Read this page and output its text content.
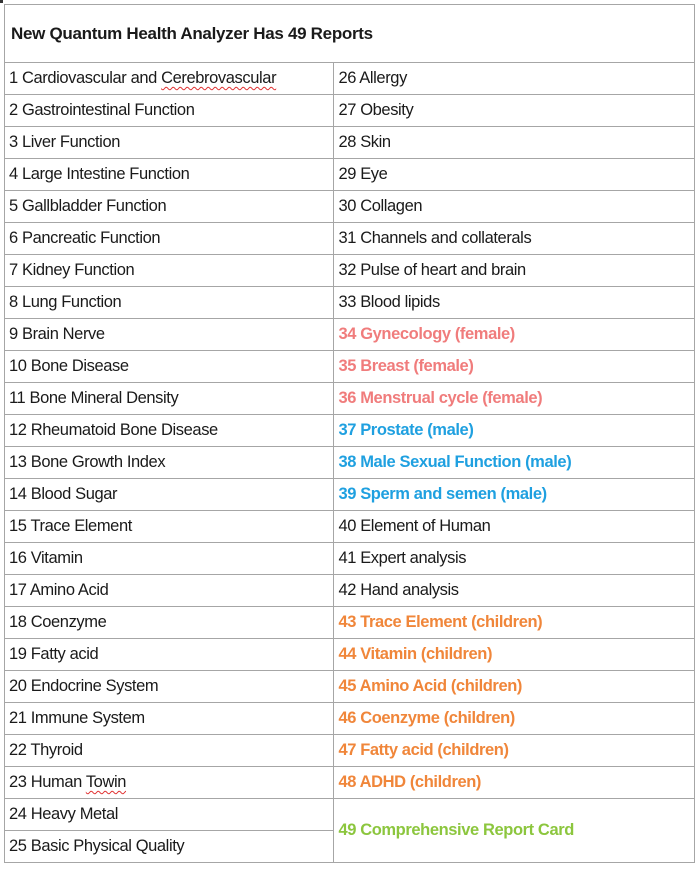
New Quantum Health Analyzer Has 49 Reports	
1 Cardiovascular and Cerebrovascular	26 Allergy
2 Gastrointestinal Function	27 Obesity
3 Liver Function	28 Skin
4 Large Intestine Function	29 Eye
5 Gallbladder Function	30 Collagen
6 Pancreatic Function	31 Channels and collaterals
7 Kidney Function	32 Pulse of heart and brain
8 Lung Function	33 Blood lipids
9 Brain Nerve	34 Gynecology (female)
10 Bone Disease	35 Breast (female)
11 Bone Mineral Density	36 Menstrual cycle (female)
12 Rheumatoid Bone Disease	37 Prostate (male)
13 Bone Growth Index	38 Male Sexual Function (male)
14 Blood Sugar	39 Sperm and semen (male)
15 Trace Element	40 Element of Human
16 Vitamin	41 Expert analysis
17 Amino Acid	42 Hand analysis
18 Coenzyme	43 Trace Element (children)
19 Fatty acid	44 Vitamin (children)
20 Endocrine System	45 Amino Acid (children)
21 Immune System	46 Coenzyme (children)
22 Thyroid	47 Fatty acid (children)
23 Human Towin	48 ADHD (children)
24 Heavy Metal	49 Comprehensive Report Card
25 Basic Physical Quality	
